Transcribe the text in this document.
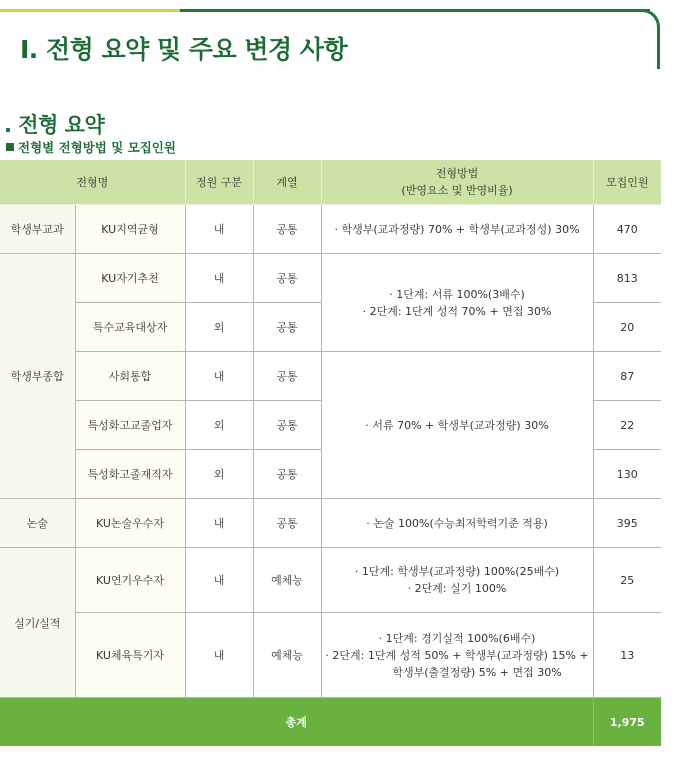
I. 전형 요약 및 주요 변경 사항
. 전형 요약
전형별 전형방법 및 모집인원
전형명		정원 구분	계열	전형방법
(반영요소 및 반영비율)	모집인원
학생부교과	KU지역균형	내	공통	· 학생부(교과정량) 70% + 학생부(교과정성) 30%	470
학생부종합	KU자기추천	내	공통	· 1단계: 서류 100%(3배수)
· 2단계: 1단계 성적 70% + 면접 30%	813
	특수교육대상자	외	공통		20
	사회통합	내	공통	· 서류 70% + 학생부(교과정량) 30%	87
	특성화고교졸업자	외	공통		22
	특성화고졸재직자	외	공통		130
논술	KU논술우수자	내	공통	· 논술 100%(수능최저학력기준 적용)	395
실기/실적	KU연기우수자	내	예체능	· 1단계: 학생부(교과정량) 100%(25배수)
· 2단계: 실기 100%	25
	KU체육특기자	내	예체능	· 1단계: 경기실적 100%(6배수)
· 2단계: 1단계 성적 50% + 학생부(교과정량) 15% +
학생부(출결정량) 5% + 면접 30%	13
총계					1,975
